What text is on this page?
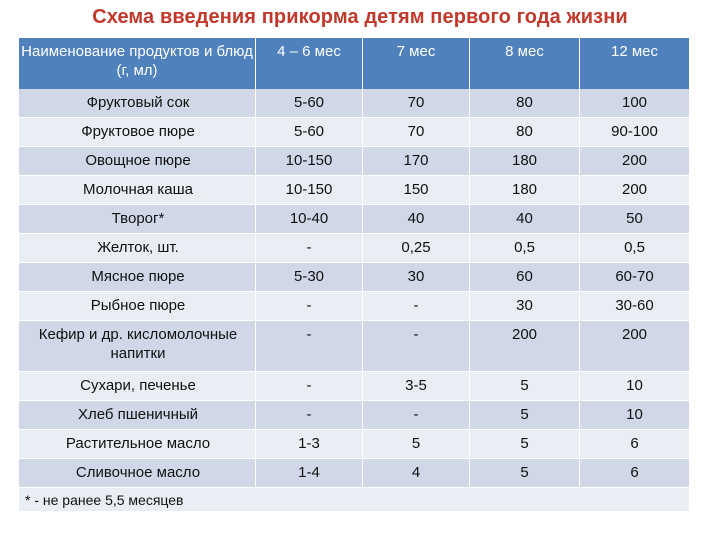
Схема введения прикорма детям первого года жизни
Наименование продуктов и блюд (г, мл)	4 – 6 мес	7 мес	8 мес	12 мес
Фруктовый сок	5-60	70	80	100
Фруктовое пюре	5-60	70	80	90-100
Овощное пюре	10-150	170	180	200
Молочная каша	10-150	150	180	200
Творог*	10-40	40	40	50
Желток, шт.	-	0,25	0,5	0,5
Мясное пюре	5-30	30	60	60-70
Рыбное пюре	-	-	30	30-60
Кефир и др. кисломолочные напитки	-	-	200	200
Сухари, печенье	-	3-5	5	10
Хлеб пшеничный	-	-	5	10
Растительное масло	1-3	5	5	6
Сливочное масло	1-4	4	5	6
* - не ранее 5,5 месяцев				
